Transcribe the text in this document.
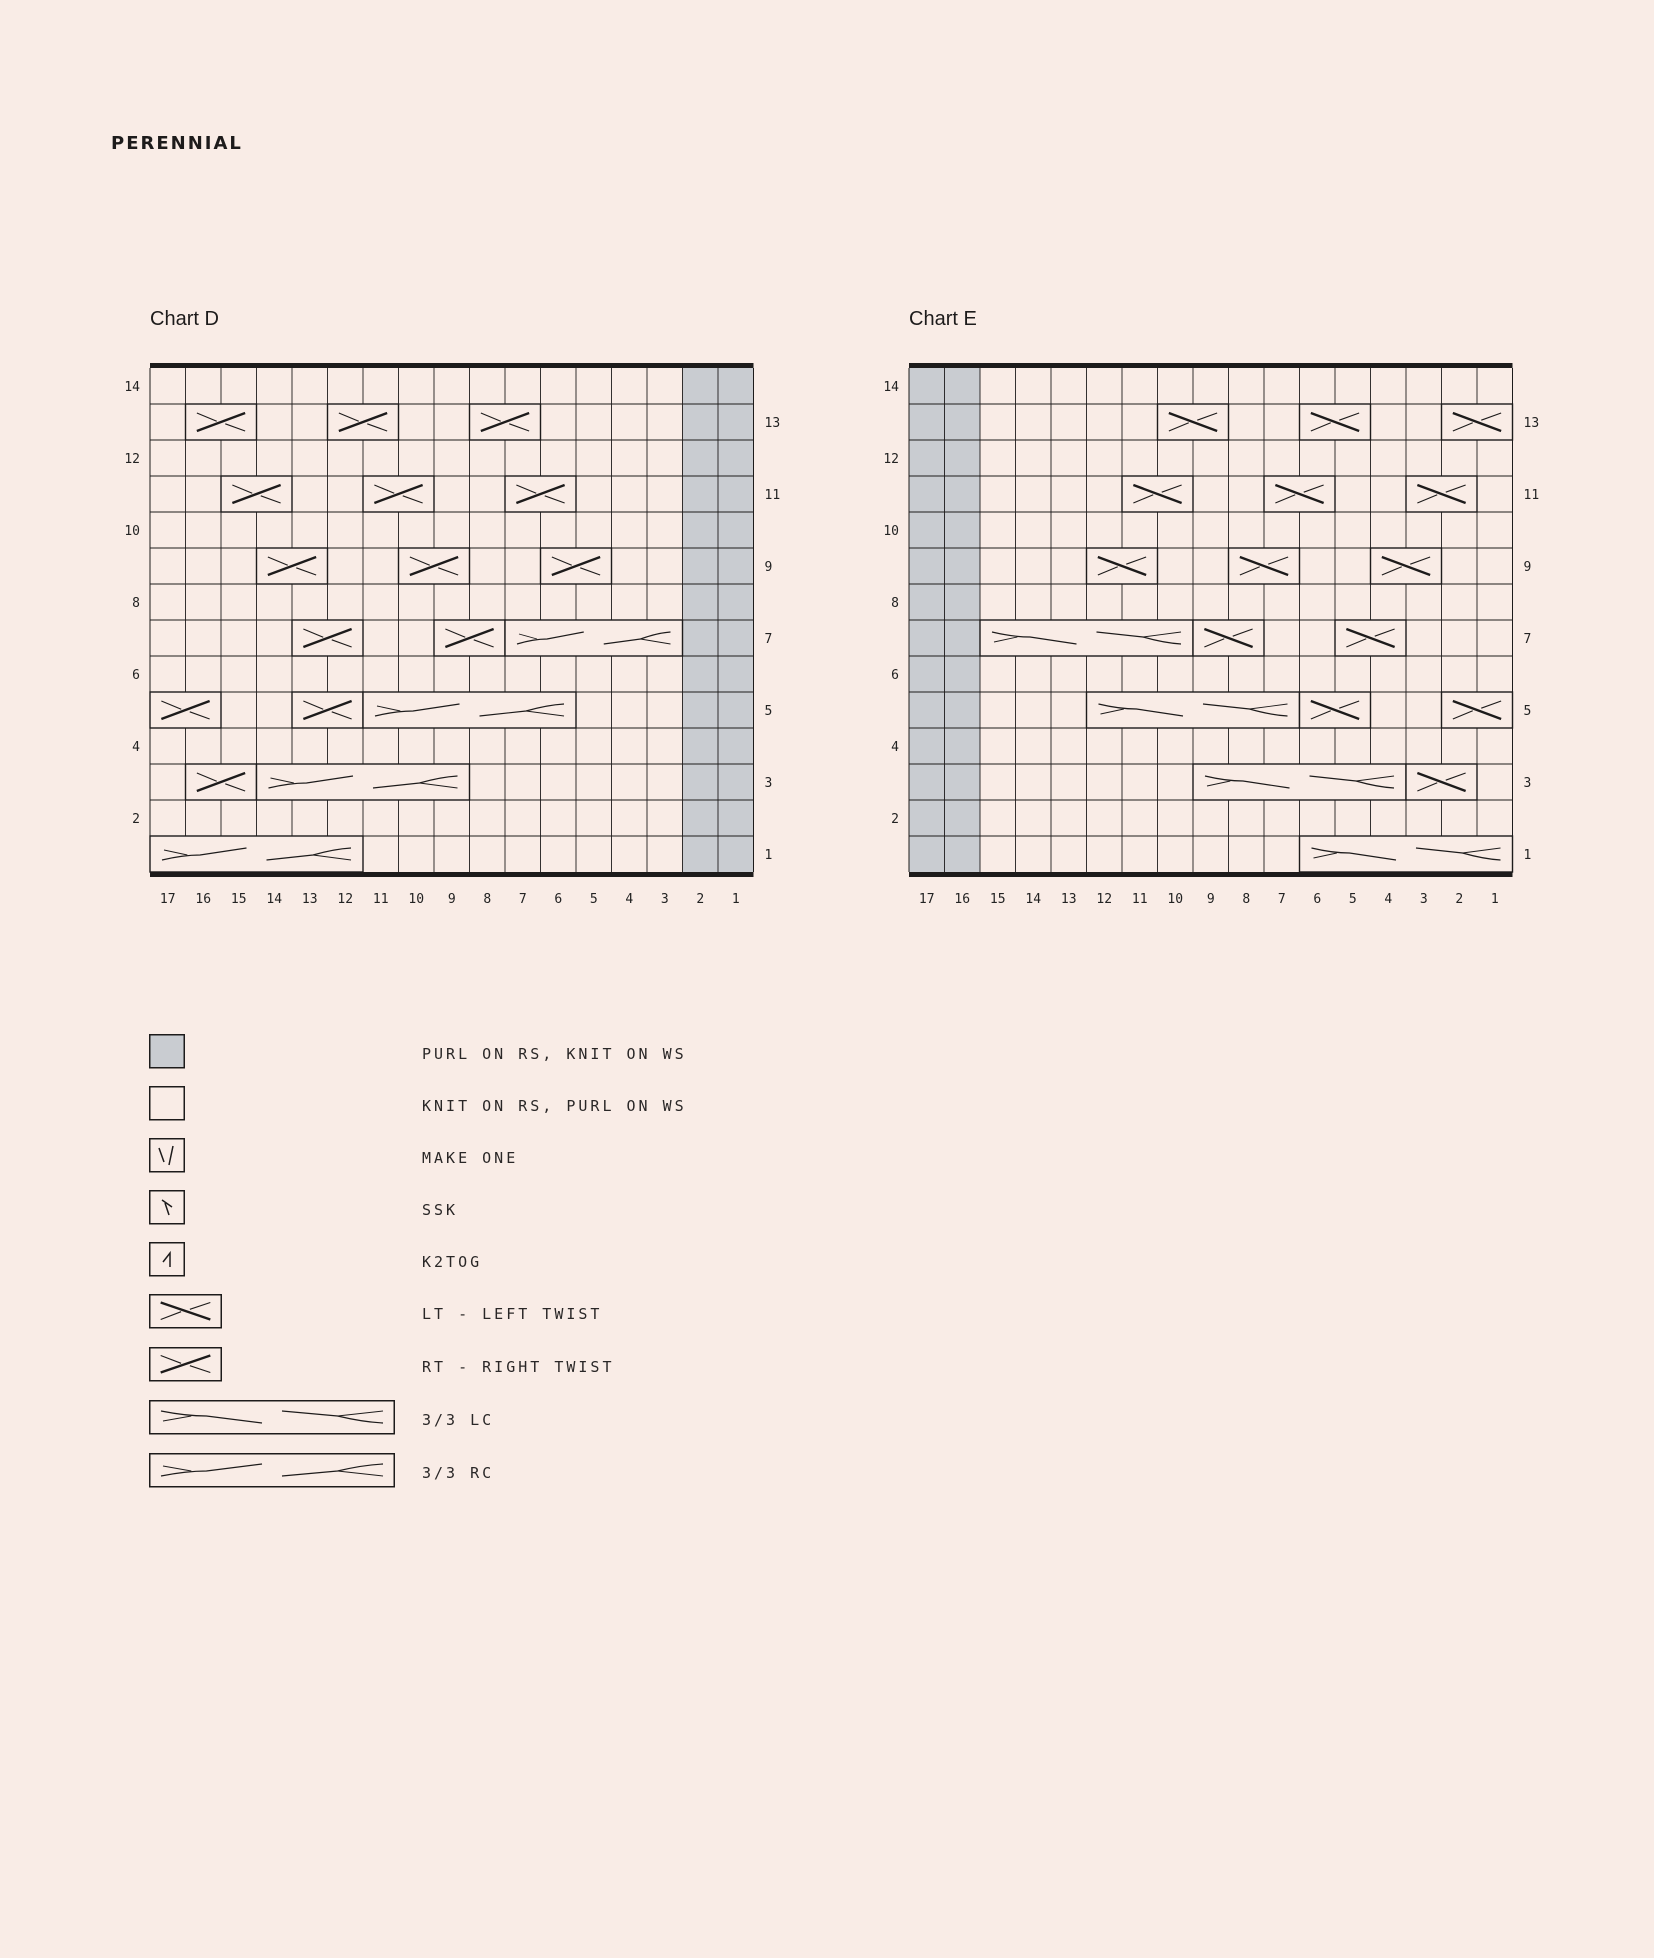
PERENNIAL
Chart D	Chart E
17 16 15 14 13 12 11 10 9 8 7 6 5 4 3 2 1
1
3
5
7
9
11
13
2
4
6
8
10
12
14
17 16 15 14 13 12 11 10 9 8 7 6 5 4 3 2 1
1
3
5
7
9
11
13
2
4
6
8
10
12
14
PURL ON RS, KNIT ON WS
KNIT ON RS, PURL ON WS
MAKE ONE
SSK
K2TOG
LT - LEFT TWIST
RT - RIGHT TWIST
3/3 LC
3/3 RC
